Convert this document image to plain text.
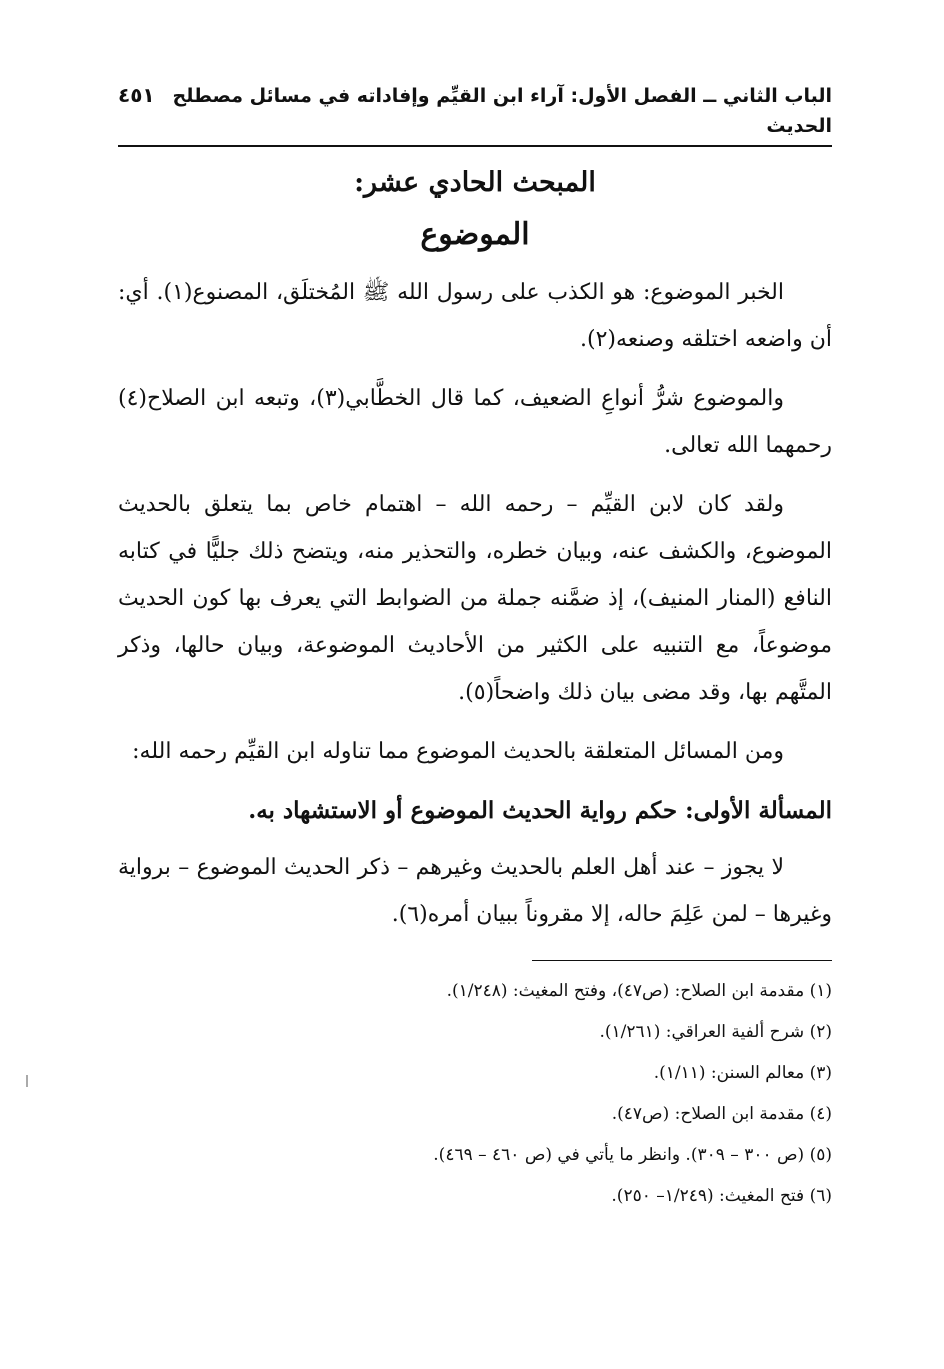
الباب الثاني ــ الفصل الأول: آراء ابن القيِّم وإفاداته في مسائل مصطلح الحديث
٤٥١
المبحث الحادي عشر:
الموضوع

الخبر الموضوع: هو الكذب على رسول الله ﷺ المُختلَق، المصنوع(١). أي: أن واضعه اختلقه وصنعه(٢).

والموضوع شرُّ أنواعِ الضعيف، كما قال الخطَّابي(٣)، وتبعه ابن الصلاح(٤) رحمهما الله تعالى.

ولقد كان لابن القيِّم – رحمه الله – اهتمام خاص بما يتعلق بالحديث الموضوع، والكشف عنه، وبيان خطره، والتحذير منه، ويتضح ذلك جليًّا في كتابه النافع (المنار المنيف)، إذ ضمَّنه جملة من الضوابط التي يعرف بها كون الحديث موضوعاً، مع التنبيه على الكثير من الأحاديث الموضوعة، وبيان حالها، وذكر المتَّهم بها، وقد مضى بيان ذلك واضحاً(٥).

ومن المسائل المتعلقة بالحديث الموضوع مما تناوله ابن القيِّم رحمه الله:

المسألة الأولى: حكم رواية الحديث الموضوع أو الاستشهاد به.

لا يجوز – عند أهل العلم بالحديث وغيرهم – ذكر الحديث الموضوع – برواية وغيرها – لمن عَلِمَ حاله، إلا مقروناً ببيان أمره(٦).

(١) مقدمة ابن الصلاح: (ص٤٧)، وفتح المغيث: (١/٢٤٨).
(٢) شرح ألفية العراقي: (١/٢٦١).
(٣) معالم السنن: (١/١١).
(٤) مقدمة ابن الصلاح: (ص٤٧).
(٥) (ص ٣٠٠ – ٣٠٩). وانظر ما يأتي في (ص ٤٦٠ – ٤٦٩).
(٦) فتح المغيث: (١/٢٤٩– ٢٥٠).
